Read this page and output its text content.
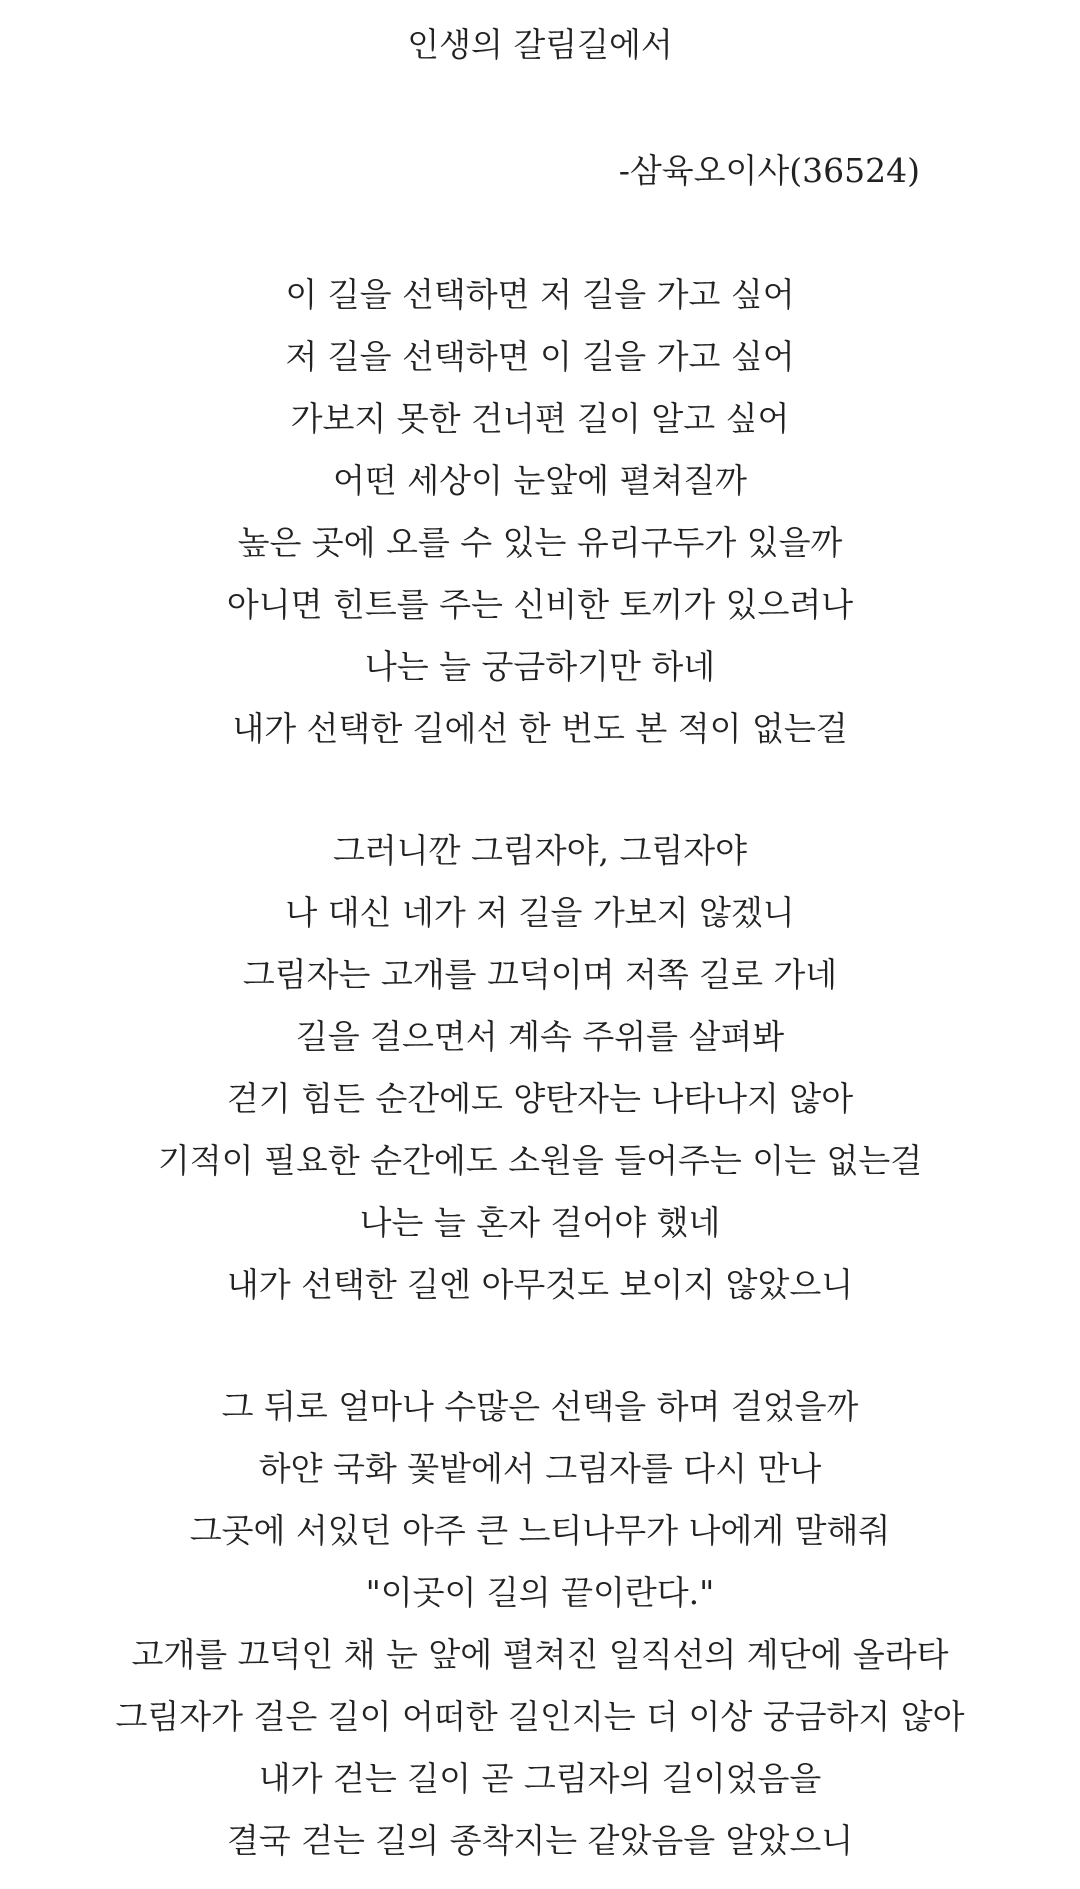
인생의 갈림길에서

-삼육오이사(36524)

이 길을 선택하면 저 길을 가고 싶어
저 길을 선택하면 이 길을 가고 싶어
가보지 못한 건너편 길이 알고 싶어
어떤 세상이 눈앞에 펼쳐질까
높은 곳에 오를 수 있는 유리구두가 있을까
아니면 힌트를 주는 신비한 토끼가 있으려나
나는 늘 궁금하기만 하네
내가 선택한 길에선 한 번도 본 적이 없는걸
그러니깐 그림자야, 그림자야
나 대신 네가 저 길을 가보지 않겠니
그림자는 고개를 끄덕이며 저쪽 길로 가네
길을 걸으면서 계속 주위를 살펴봐
걷기 힘든 순간에도 양탄자는 나타나지 않아
기적이 필요한 순간에도 소원을 들어주는 이는 없는걸
나는 늘 혼자 걸어야 했네
내가 선택한 길엔 아무것도 보이지 않았으니
그 뒤로 얼마나 수많은 선택을 하며 걸었을까
하얀 국화 꽃밭에서 그림자를 다시 만나
그곳에 서있던 아주 큰 느티나무가 나에게 말해줘
"이곳이 길의 끝이란다."
고개를 끄덕인 채 눈 앞에 펼쳐진 일직선의 계단에 올라타
그림자가 걸은 길이 어떠한 길인지는 더 이상 궁금하지 않아
내가 걷는 길이 곧 그림자의 길이었음을
결국 걷는 길의 종착지는 같았음을 알았으니
